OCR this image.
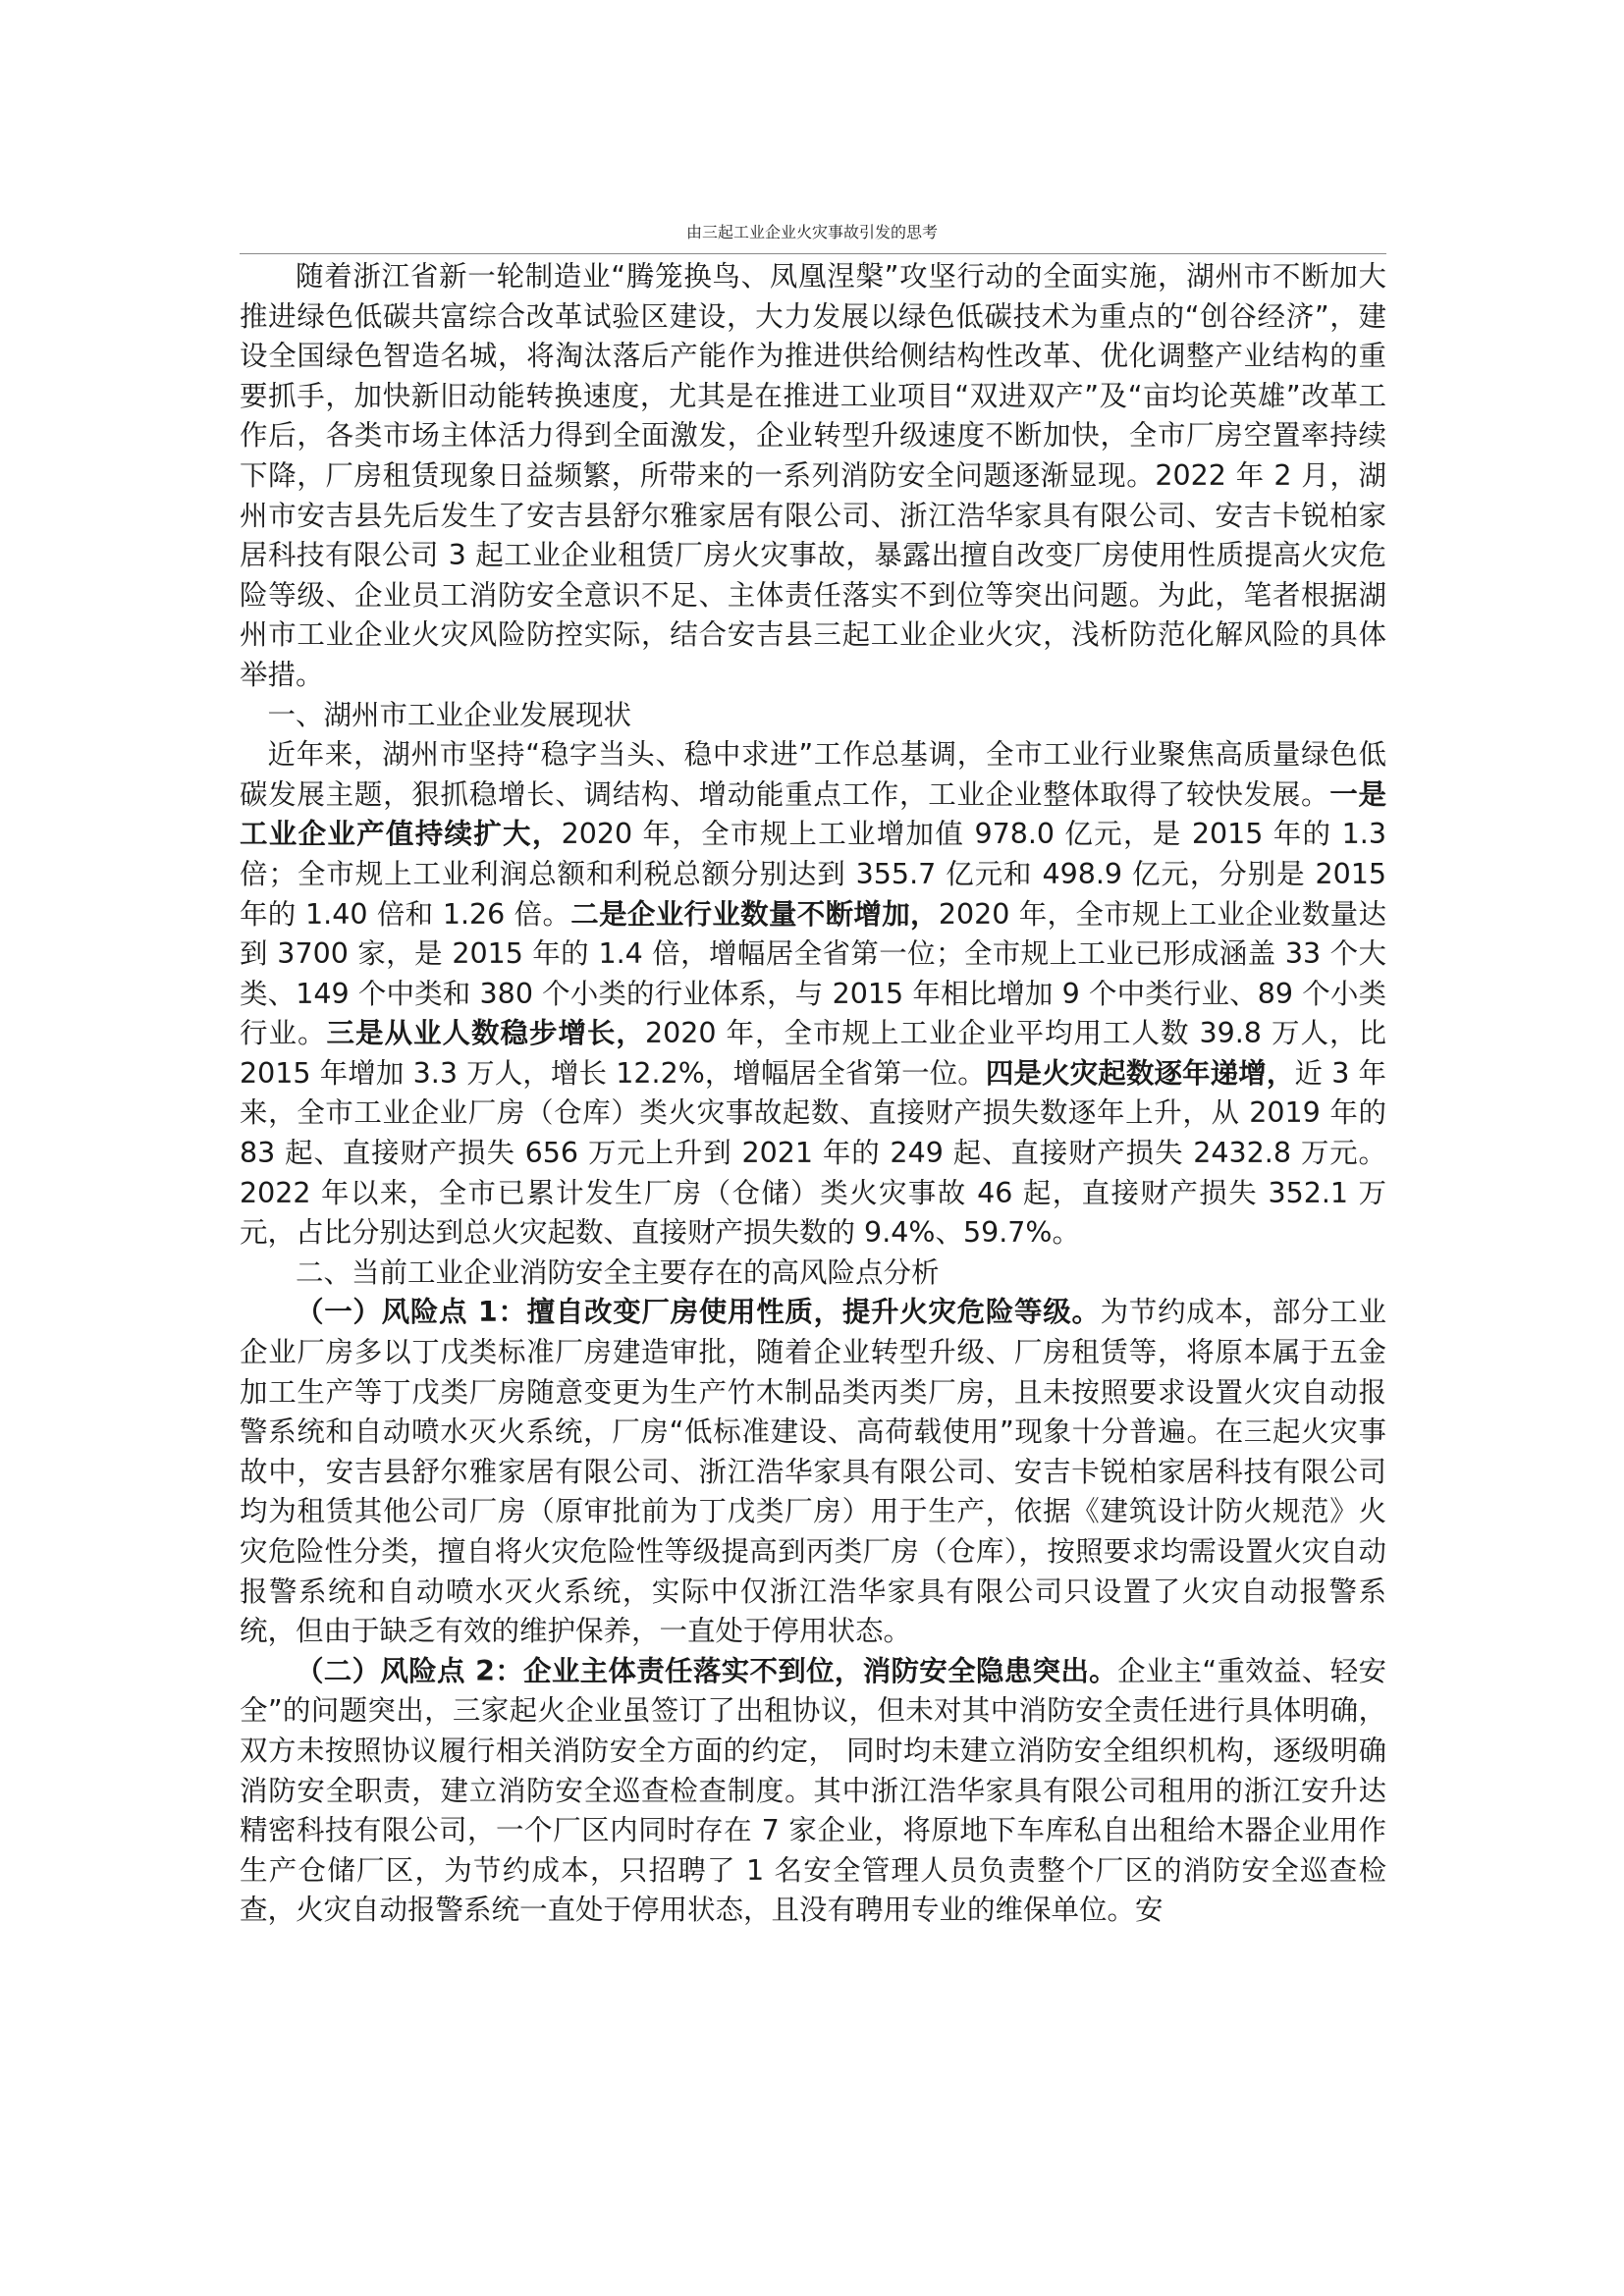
由三起工业企业火灾事故引发的思考

随着浙江省新一轮制造业“腾笼换鸟、凤凰涅槃”攻坚行动的全面实施，湖州市不断加大推进绿色低碳共富综合改革试验区建设，大力发展以绿色低碳技术为重点的“创谷经济”，建设全国绿色智造名城，将淘汰落后产能作为推进供给侧结构性改革、优化调整产业结构的重要抓手，加快新旧动能转换速度，尤其是在推进工业项目“双进双产”及“亩均论英雄”改革工作后，各类市场主体活力得到全面激发，企业转型升级速度不断加快，全市厂房空置率持续下降，厂房租赁现象日益频繁，所带来的一系列消防安全问题逐渐显现。2022 年 2 月，湖州市安吉县先后发生了安吉县舒尔雅家居有限公司、浙江浩华家具有限公司、安吉卡锐柏家居科技有限公司 3 起工业企业租赁厂房火灾事故，暴露出擅自改变厂房使用性质提高火灾危险等级、企业员工消防安全意识不足、主体责任落实不到位等突出问题。为此，笔者根据湖州市工业企业火灾风险防控实际，结合安吉县三起工业企业火灾，浅析防范化解风险的具体举措。

一、湖州市工业企业发展现状

近年来，湖州市坚持“稳字当头、稳中求进”工作总基调，全市工业行业聚焦高质量绿色低碳发展主题，狠抓稳增长、调结构、增动能重点工作，工业企业整体取得了较快发展。一是工业企业产值持续扩大，2020 年，全市规上工业增加值 978.0 亿元，是 2015 年的 1.3 倍；全市规上工业利润总额和利税总额分别达到 355.7 亿元和 498.9 亿元，分别是 2015 年的 1.40 倍和 1.26 倍。二是企业行业数量不断增加，2020 年，全市规上工业企业数量达到 3700 家，是 2015 年的 1.4 倍，增幅居全省第一位；全市规上工业已形成涵盖 33 个大类、149 个中类和 380 个小类的行业体系，与 2015 年相比增加 9 个中类行业、89 个小类行业。三是从业人数稳步增长，2020 年，全市规上工业企业平均用工人数 39.8 万人，比 2015 年增加 3.3 万人，增长 12.2%，增幅居全省第一位。四是火灾起数逐年递增，近 3 年来，全市工业企业厂房（仓库）类火灾事故起数、直接财产损失数逐年上升，从 2019 年的 83 起、直接财产损失 656 万元上升到 2021 年的 249 起、直接财产损失 2432.8 万元。2022 年以来，全市已累计发生厂房（仓储）类火灾事故 46 起，直接财产损失 352.1 万元，占比分别达到总火灾起数、直接财产损失数的 9.4%、59.7%。

二、当前工业企业消防安全主要存在的高风险点分析

（一）风险点 1：擅自改变厂房使用性质，提升火灾危险等级。为节约成本，部分工业企业厂房多以丁戊类标准厂房建造审批，随着企业转型升级、厂房租赁等，将原本属于五金加工生产等丁戊类厂房随意变更为生产竹木制品类丙类厂房，且未按照要求设置火灾自动报警系统和自动喷水灭火系统，厂房“低标准建设、高荷载使用”现象十分普遍。在三起火灾事故中，安吉县舒尔雅家居有限公司、浙江浩华家具有限公司、安吉卡锐柏家居科技有限公司均为租赁其他公司厂房（原审批前为丁戊类厂房）用于生产，依据《建筑设计防火规范》火灾危险性分类，擅自将火灾危险性等级提高到丙类厂房（仓库），按照要求均需设置火灾自动报警系统和自动喷水灭火系统，实际中仅浙江浩华家具有限公司只设置了火灾自动报警系统，但由于缺乏有效的维护保养，一直处于停用状态。

（二）风险点 2：企业主体责任落实不到位，消防安全隐患突出。企业主“重效益、轻安全”的问题突出，三家起火企业虽签订了出租协议，但未对其中消防安全责任进行具体明确，双方未按照协议履行相关消防安全方面的约定， 同时均未建立消防安全组织机构，逐级明确消防安全职责，建立消防安全巡查检查制度。其中浙江浩华家具有限公司租用的浙江安升达精密科技有限公司，一个厂区内同时存在 7 家企业，将原地下车库私自出租给木器企业用作生产仓储厂区，为节约成本，只招聘了 1 名安全管理人员负责整个厂区的消防安全巡查检查，火灾自动报警系统一直处于停用状态，且没有聘用专业的维保单位。安
